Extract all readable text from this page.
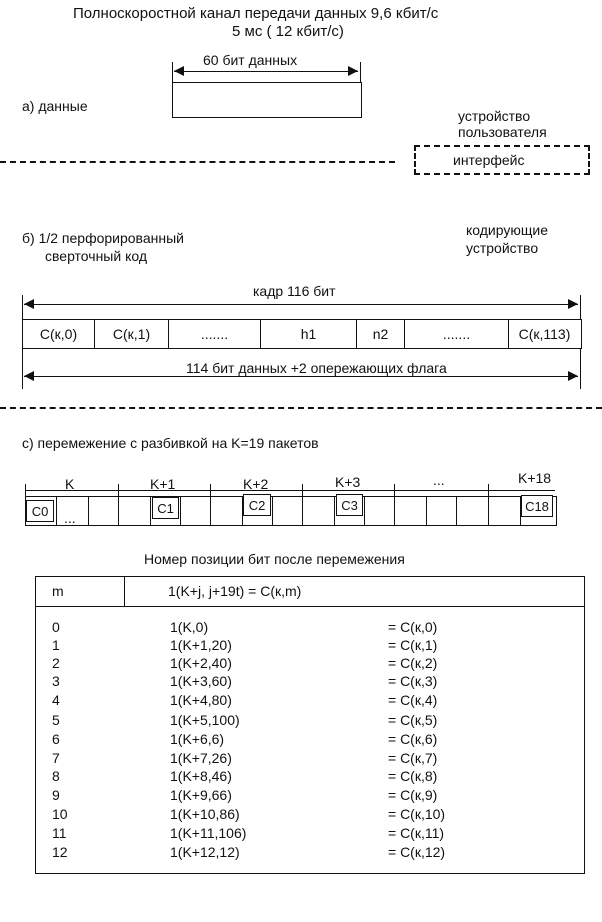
Полноскоростной канал передачи данных 9,6 кбит/с
5 мс ( 12 кбит/с)
60 бит данных
а) данные
устройство
пользователя
интерфейс
б) 1/2 перфорированный
сверточный код
кодирующие
устройство
кадр 116 бит
C(к,0)	C(к,1)	.......	h1	n2	.......	C(к,113)
114 бит данных +2 опережающих флага
с) перемежение с разбивкой на K=19 пакетов
K	K+1	K+2	K+3	...	K+18
C0	...
C1	C2	C3	C18
Номер позиции бит после перемежения
m	1(K+j, j+19t) = C(к,m)
0	1(K,0)	= C(к,0)
1	1(K+1,20)	= C(к,1)
2	1(K+2,40)	= C(к,2)
3	1(K+3,60)	= C(к,3)
4	1(K+4,80)	= C(к,4)
5	1(K+5,100)	= C(к,5)
6	1(K+6,6)	= C(к,6)
7	1(K+7,26)	= C(к,7)
8	1(K+8,46)	= C(к,8)
9	1(K+9,66)	= C(к,9)
10	1(K+10,86)	= C(к,10)
11	1(K+11,106)	= C(к,11)
12	1(K+12,12)	= C(к,12)
